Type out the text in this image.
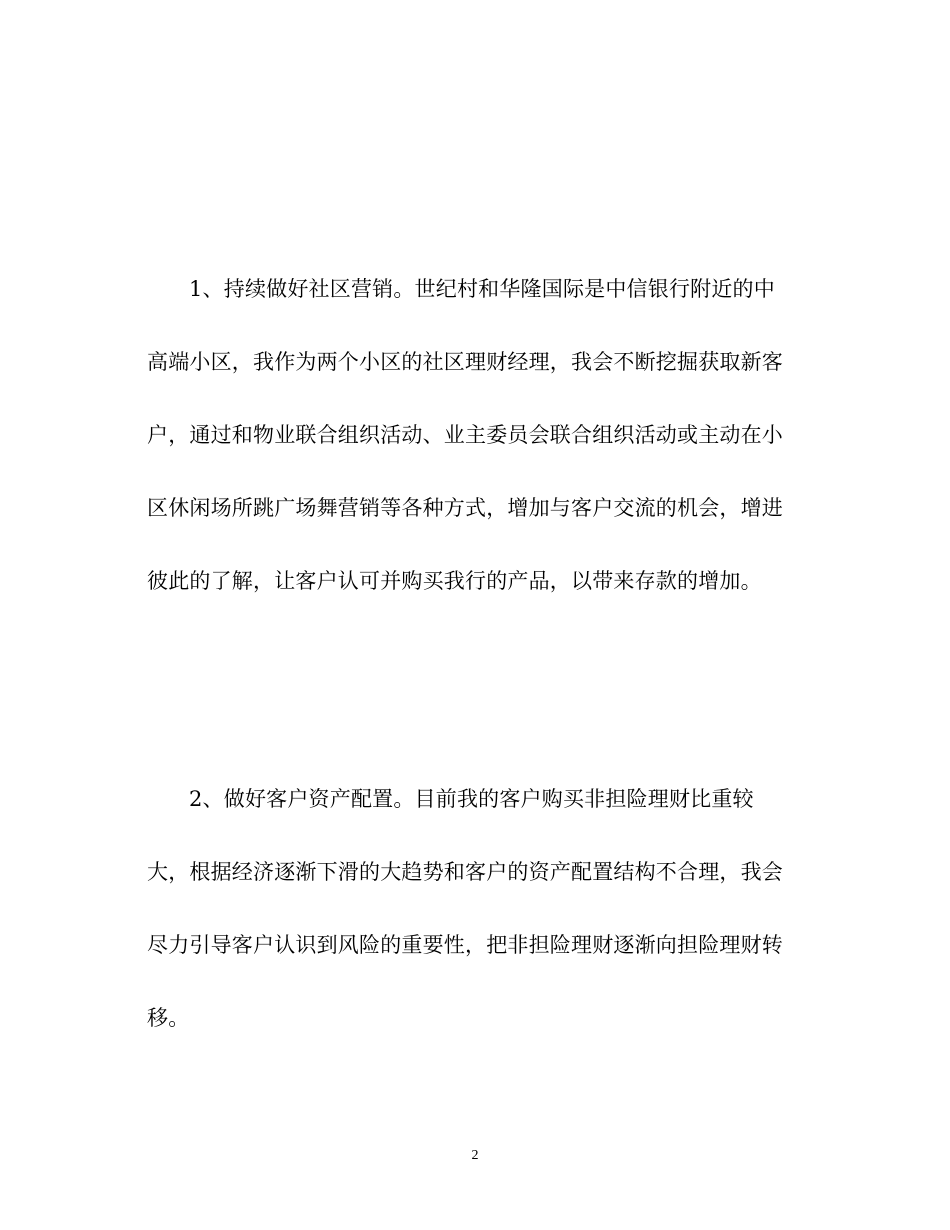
1、持续做好社区营销。世纪村和华隆国际是中信银行附近的中
高端小区，我作为两个小区的社区理财经理，我会不断挖掘获取新客
户，通过和物业联合组织活动、业主委员会联合组织活动或主动在小
区休闲场所跳广场舞营销等各种方式，增加与客户交流的机会，增进
彼此的了解，让客户认可并购买我行的产品，以带来存款的增加。
2、做好客户资产配置。目前我的客户购买非担险理财比重较
大，根据经济逐渐下滑的大趋势和客户的资产配置结构不合理，我会
尽力引导客户认识到风险的重要性，把非担险理财逐渐向担险理财转
移。
2
